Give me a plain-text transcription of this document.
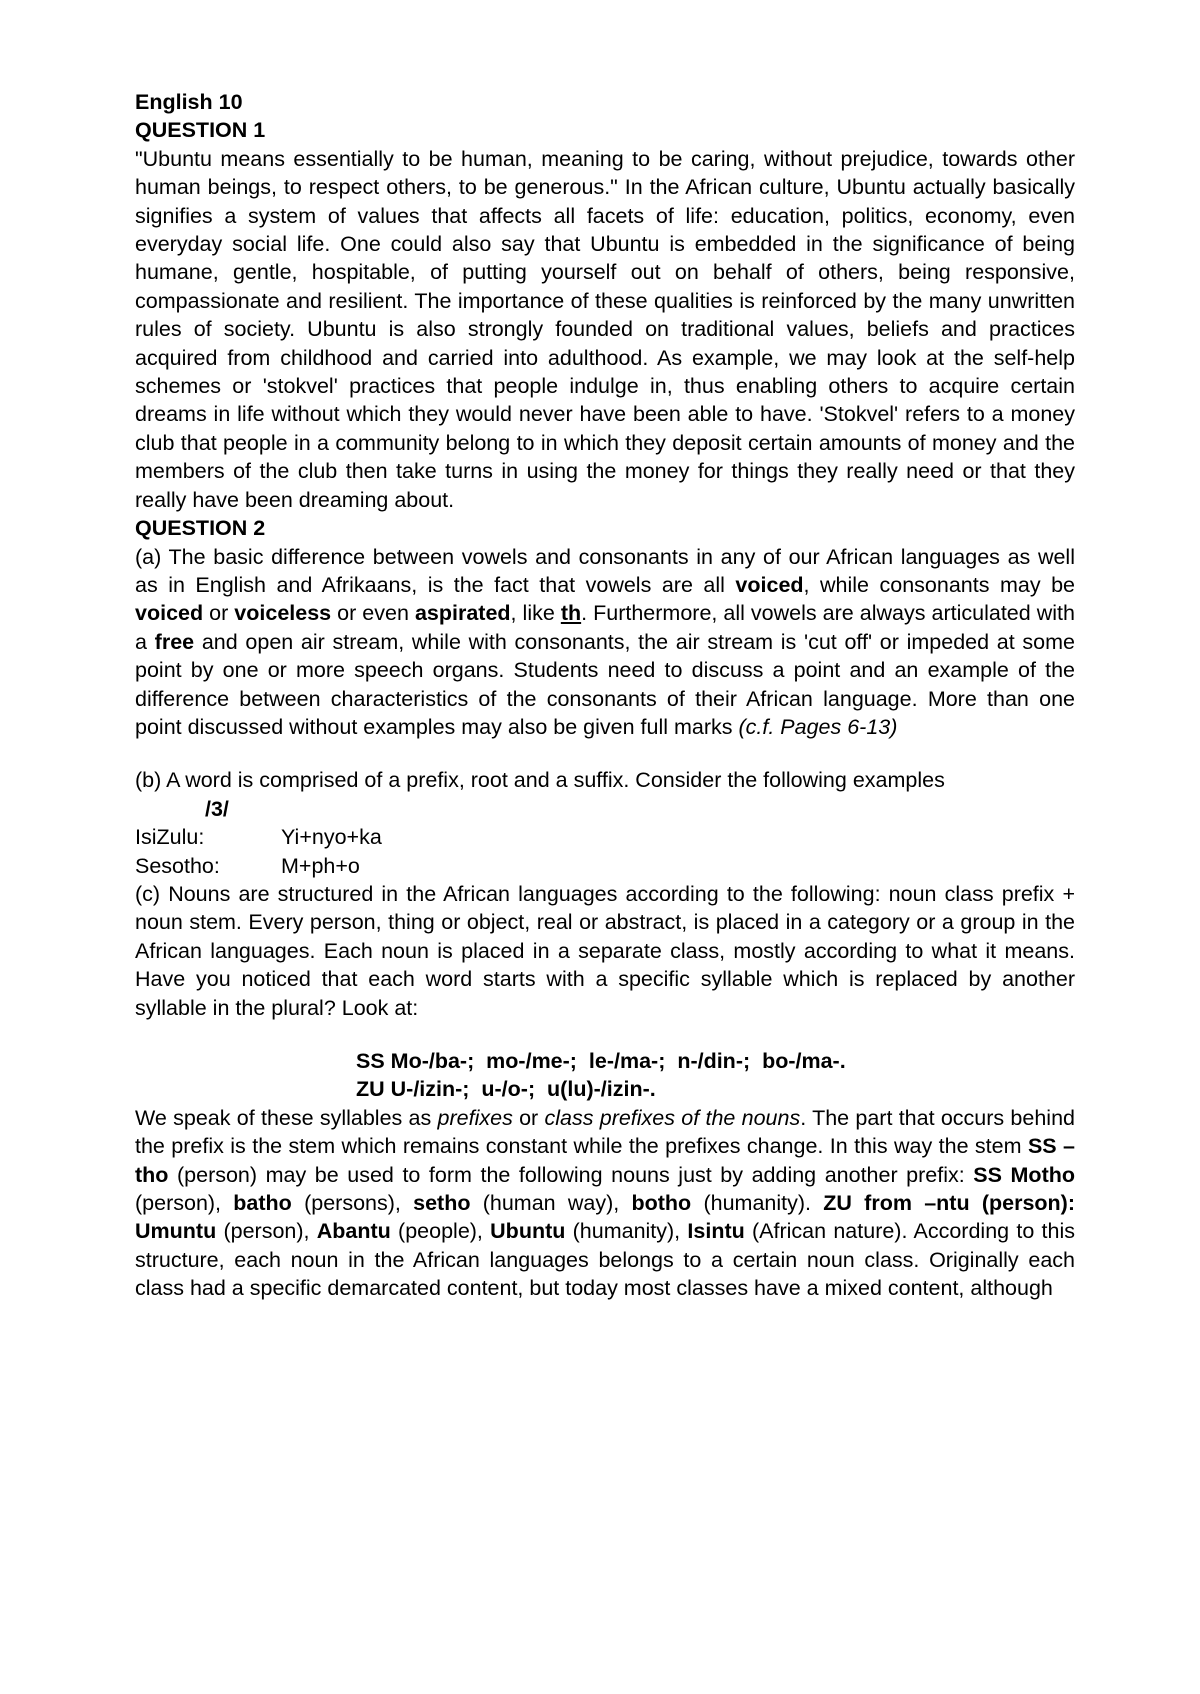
English 10

QUESTION 1

"Ubuntu means essentially to be human, meaning to be caring, without prejudice, towards other human beings, to respect others, to be generous." In the African culture, Ubuntu actually basically signifies a system of values that affects all facets of life: education, politics, economy, even everyday social life. One could also say that Ubuntu is embedded in the significance of being humane, gentle, hospitable, of putting yourself out on behalf of others, being responsive, compassionate and resilient. The importance of these qualities is reinforced by the many unwritten rules of society. Ubuntu is also strongly founded on traditional values, beliefs and practices acquired from childhood and carried into adulthood. As example, we may look at the self-help schemes or 'stokvel' practices that people indulge in, thus enabling others to acquire certain dreams in life without which they would never have been able to have. 'Stokvel' refers to a money club that people in a community belong to in which they deposit certain amounts of money and the members of the club then take turns in using the money for things they really need or that they really have been dreaming about.

QUESTION 2

(a) The basic difference between vowels and consonants in any of our African languages as well as in English and Afrikaans, is the fact that vowels are all voiced, while consonants may be voiced or voiceless or even aspirated, like th. Furthermore, all vowels are always articulated with a free and open air stream, while with consonants, the air stream is 'cut off' or impeded at some point by one or more speech organs. Students need to discuss a point and an example of the difference between characteristics of the consonants of their African language. More than one point discussed without examples may also be given full marks (c.f. Pages 6-13)

(b) A word is comprised of a prefix, root and a suffix. Consider the following examples

/3/

IsiZulu:	Yi+nyo+ka

Sesotho:	M+ph+o

(c) Nouns are structured in the African languages according to the following: noun class prefix + noun stem. Every person, thing or object, real or abstract, is placed in a category or a group in the African languages. Each noun is placed in a separate class, mostly according to what it means. Have you noticed that each word starts with a specific syllable which is replaced by another syllable in the plural? Look at:

SS Mo-/ba-;  mo-/me-;  le-/ma-;  n-/din-;  bo-/ma-.

ZU U-/izin-;  u-/o-;  u(lu)-/izin-.

We speak of these syllables as prefixes or class prefixes of the nouns. The part that occurs behind the prefix is the stem which remains constant while the prefixes change. In this way the stem SS –tho (person) may be used to form the following nouns just by adding another prefix: SS Motho (person), batho (persons), setho (human way), botho (humanity). ZU from –ntu (person): Umuntu (person), Abantu (people), Ubuntu (humanity), Isintu (African nature). According to this structure, each noun in the African languages belongs to a certain noun class. Originally each class had a specific demarcated content, but today most classes have a mixed content, although
